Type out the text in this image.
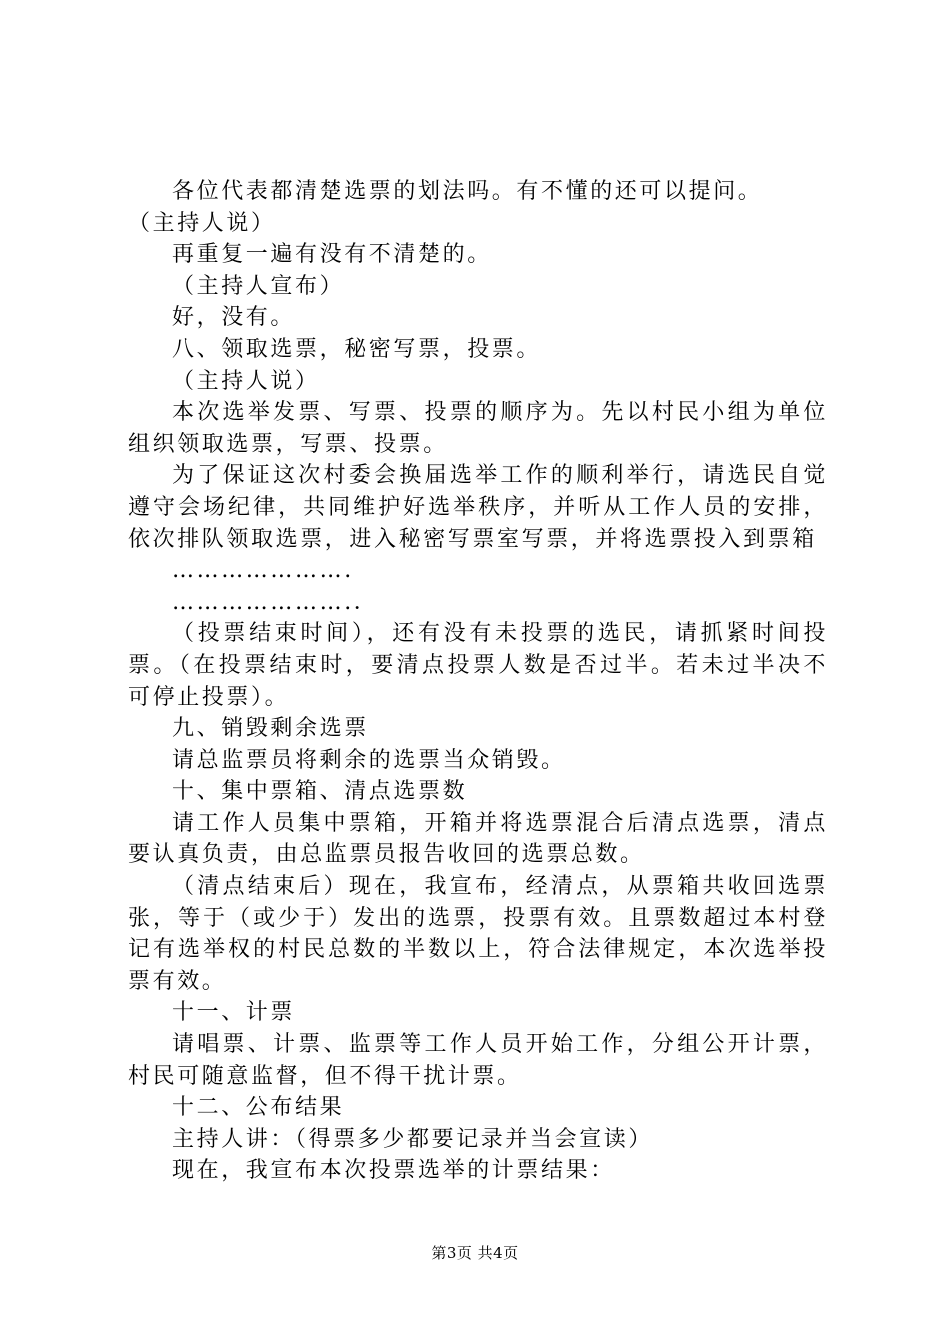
各位代表都清楚选票的划法吗。有不懂的还可以提问。

（主持人说）

再重复一遍有没有不清楚的。

（主持人宣布）

好，没有。

八、领取选票，秘密写票，投票。

（主持人说）

本次选举发票、写票、投票的顺序为。先以村民小组为单位组织领取选票，写票、投票。

为了保证这次村委会换届选举工作的顺利举行，请选民自觉遵守会场纪律，共同维护好选举秩序，并听从工作人员的安排，依次排队领取选票，进入秘密写票室写票，并将选票投入到票箱

………………….

………………….．

（投票结束时间），还有没有未投票的选民，请抓紧时间投票。（在投票结束时，要清点投票人数是否过半。若未过半决不可停止投票）。

九、销毁剩余选票

请总监票员将剩余的选票当众销毁。

十、集中票箱、清点选票数

请工作人员集中票箱，开箱并将选票混合后清点选票，清点要认真负责，由总监票员报告收回的选票总数。

（清点结束后）现在，我宣布，经清点，从票箱共收回选票张，等于（或少于）发出的选票，投票有效。且票数超过本村登记有选举权的村民总数的半数以上，符合法律规定，本次选举投票有效。

十一、计票

请唱票、计票、监票等工作人员开始工作，分组公开计票，村民可随意监督，但不得干扰计票。

十二、公布结果

主持人讲：（得票多少都要记录并当会宣读）

现在，我宣布本次投票选举的计票结果：

第3页 共4页
